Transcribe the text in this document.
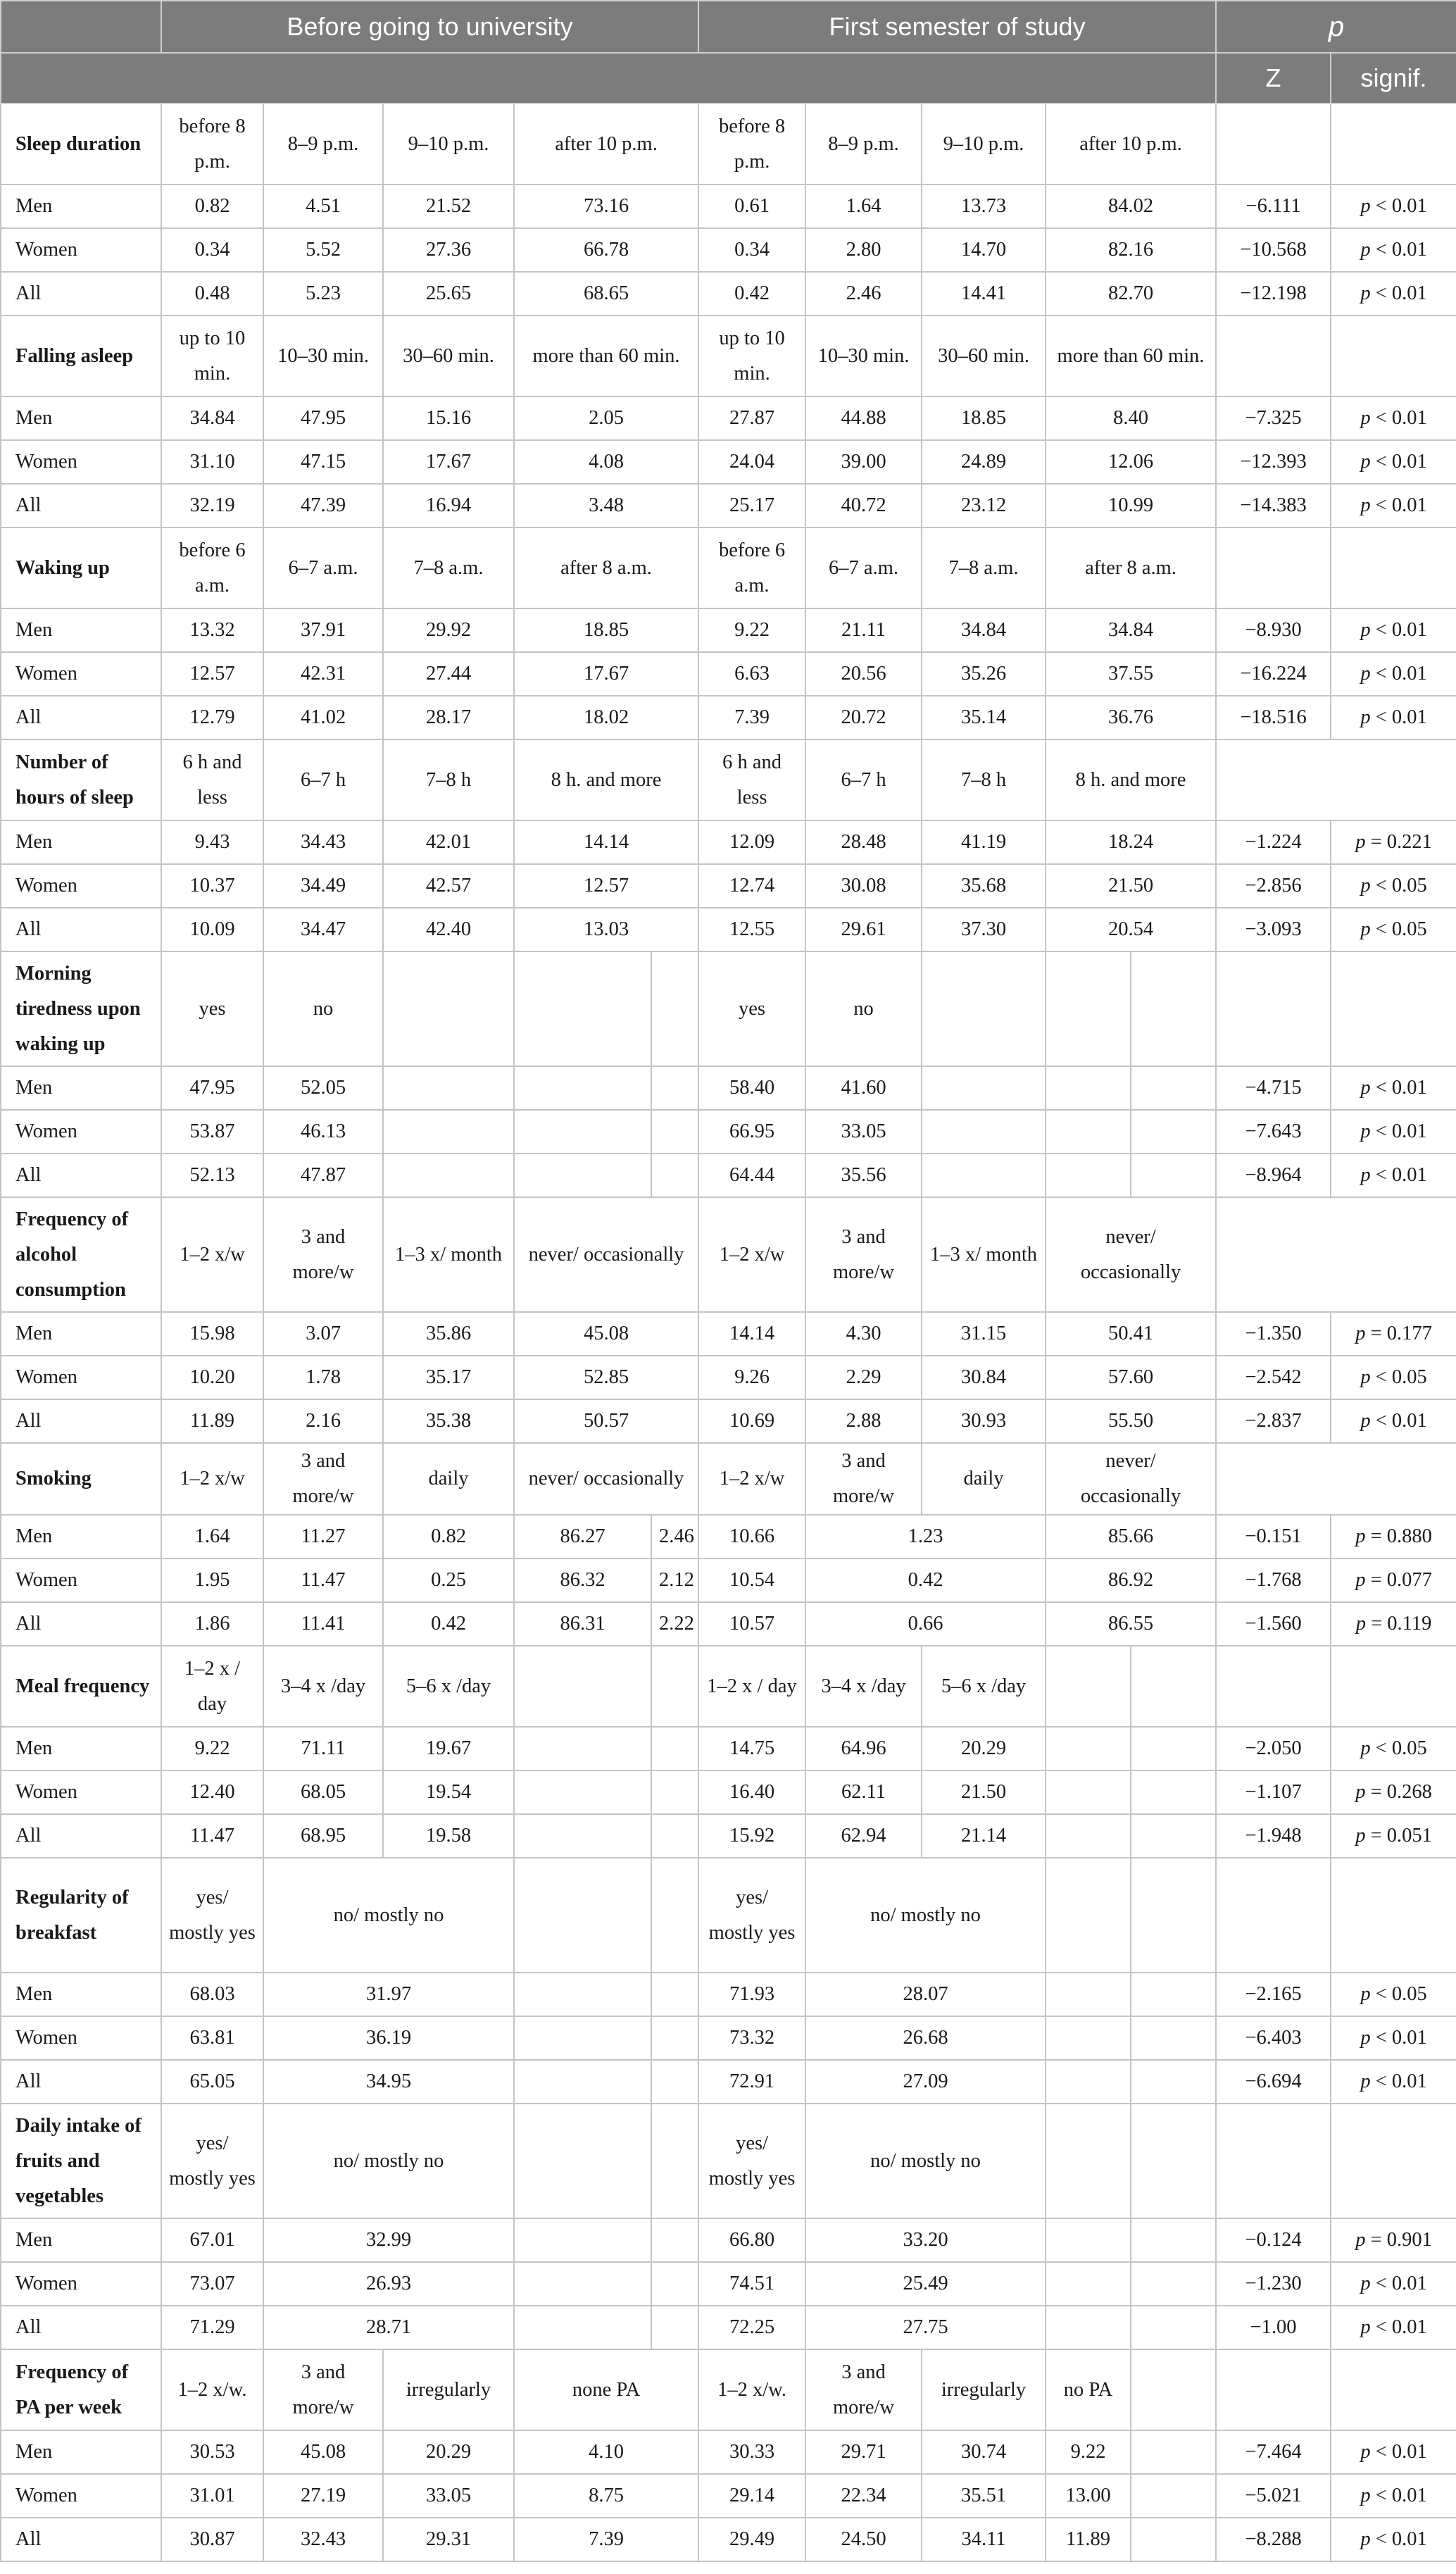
	Before going to university					First semester of study					p	
											Z	signif.
Sleep duration	before 8 p.m.	8–9 p.m.	9–10 p.m.	after 10 p.m.		before 8 p.m.	8–9 p.m.	9–10 p.m.	after 10 p.m.			
Men	0.82	4.51	21.52	73.16		0.61	1.64	13.73	84.02		−6.111	p < 0.01
Women	0.34	5.52	27.36	66.78		0.34	2.80	14.70	82.16		−10.568	p < 0.01
All	0.48	5.23	25.65	68.65		0.42	2.46	14.41	82.70		−12.198	p < 0.01
Falling asleep	up to 10 min.	10–30 min.	30–60 min.	more than 60 min.		up to 10 min.	10–30 min.	30–60 min.	more than 60 min.			
Men	34.84	47.95	15.16	2.05		27.87	44.88	18.85	8.40		−7.325	p < 0.01
Women	31.10	47.15	17.67	4.08		24.04	39.00	24.89	12.06		−12.393	p < 0.01
All	32.19	47.39	16.94	3.48		25.17	40.72	23.12	10.99		−14.383	p < 0.01
Waking up	before 6 a.m.	6–7 a.m.	7–8 a.m.	after 8 a.m.		before 6 a.m.	6–7 a.m.	7–8 a.m.	after 8 a.m.			
Men	13.32	37.91	29.92	18.85		9.22	21.11	34.84	34.84		−8.930	p < 0.01
Women	12.57	42.31	27.44	17.67		6.63	20.56	35.26	37.55		−16.224	p < 0.01
All	12.79	41.02	28.17	18.02		7.39	20.72	35.14	36.76		−18.516	p < 0.01
Number of hours of sleep	6 h and less	6–7 h	7–8 h	8 h. and more		6 h and less	6–7 h	7–8 h	8 h. and more			
Men	9.43	34.43	42.01	14.14		12.09	28.48	41.19	18.24		−1.224	p = 0.221
Women	10.37	34.49	42.57	12.57		12.74	30.08	35.68	21.50		−2.856	p < 0.05
All	10.09	34.47	42.40	13.03		12.55	29.61	37.30	20.54		−3.093	p < 0.05
Morning tiredness upon waking up	yes	no				yes	no					
Men	47.95	52.05				58.40	41.60				−4.715	p < 0.01
Women	53.87	46.13				66.95	33.05				−7.643	p < 0.01
All	52.13	47.87				64.44	35.56				−8.964	p < 0.01
Frequency of alcohol consumption	1–2 x/w	3 and more/w	1–3 x/ month	never/ occasionally		1–2 x/w	3 and more/w	1–3 x/ month	never/ occasionally			
Men	15.98	3.07	35.86	45.08		14.14	4.30	31.15	50.41		−1.350	p = 0.177
Women	10.20	1.78	35.17	52.85		9.26	2.29	30.84	57.60		−2.542	p < 0.05
All	11.89	2.16	35.38	50.57		10.69	2.88	30.93	55.50		−2.837	p < 0.01
Smoking	1–2 x/w	3 and more/w	daily	never/ occasionally		1–2 x/w	3 and more/w	daily	never/ occasionally			
Men	1.64	11.27	0.82	86.27	2.46	10.66	1.23		85.66		−0.151	p = 0.880
Women	1.95	11.47	0.25	86.32	2.12	10.54	0.42		86.92		−1.768	p = 0.077
All	1.86	11.41	0.42	86.31	2.22	10.57	0.66		86.55		−1.560	p = 0.119
Meal frequency	1–2 x / day	3–4 x /day	5–6 x /day			1–2 x / day	3–4 x /day	5–6 x /day				
Men	9.22	71.11	19.67			14.75	64.96	20.29			−2.050	p < 0.05
Women	12.40	68.05	19.54			16.40	62.11	21.50			−1.107	p = 0.268
All	11.47	68.95	19.58			15.92	62.94	21.14			−1.948	p = 0.051
Regularity of breakfast	yes/ mostly yes	no/ mostly no				yes/ mostly yes	no/ mostly no					
Men	68.03	31.97				71.93	28.07				−2.165	p < 0.05
Women	63.81	36.19				73.32	26.68				−6.403	p < 0.01
All	65.05	34.95				72.91	27.09				−6.694	p < 0.01
Daily intake of fruits and vegetables	yes/ mostly yes	no/ mostly no				yes/ mostly yes	no/ mostly no					
Men	67.01	32.99				66.80	33.20				−0.124	p = 0.901
Women	73.07	26.93				74.51	25.49				−1.230	p < 0.01
All	71.29	28.71				72.25	27.75				−1.00	p < 0.01
Frequency of PA per week	1–2 x/w.	3 and more/w	irregularly	none PA		1–2 x/w.	3 and more/w	irregularly	no PA			
Men	30.53	45.08	20.29	4.10		30.33	29.71	30.74	9.22		−7.464	p < 0.01
Women	31.01	27.19	33.05	8.75		29.14	22.34	35.51	13.00		−5.021	p < 0.01
All	30.87	32.43	29.31	7.39		29.49	24.50	34.11	11.89		−8.288	p < 0.01
